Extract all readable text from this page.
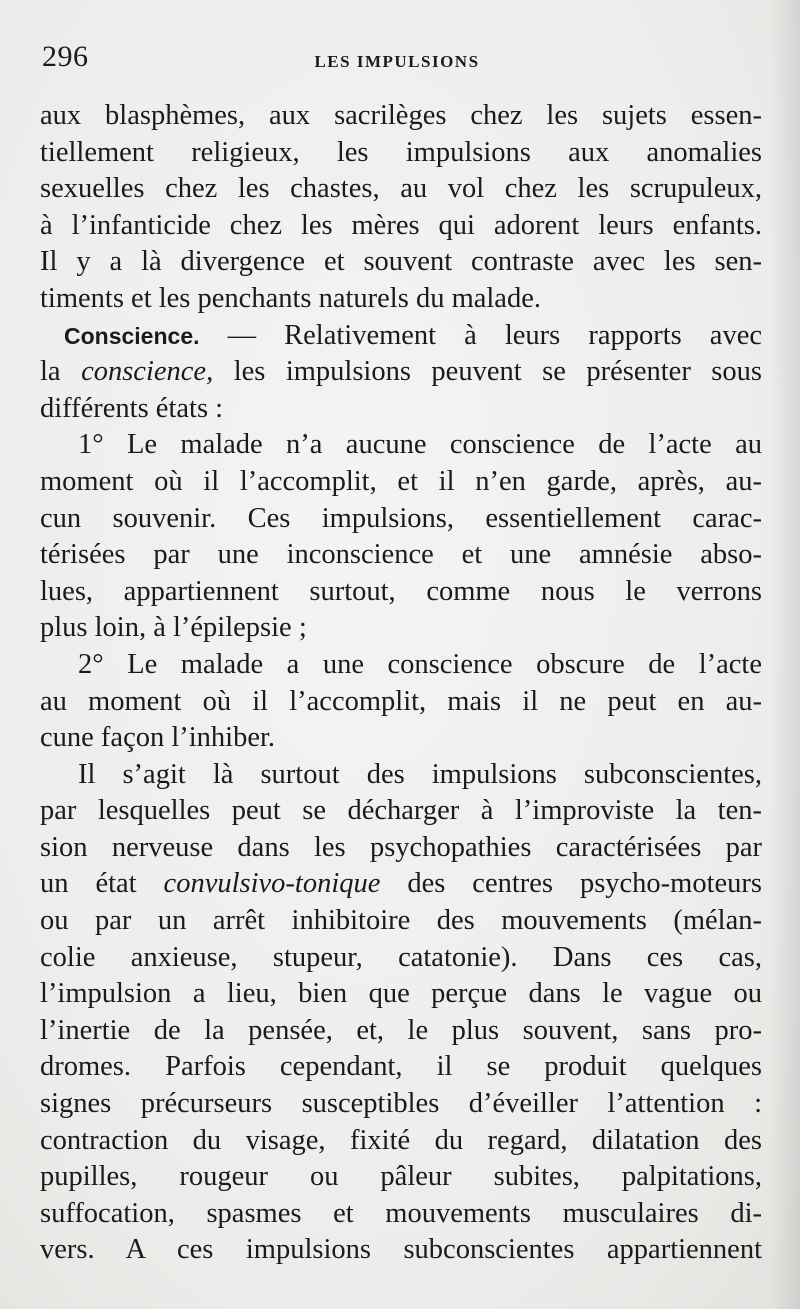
296	LES IMPULSIONS
aux blasphèmes, aux sacrilèges chez les sujets essen-
tiellement religieux, les impulsions aux anomalies
sexuelles chez les chastes, au vol chez les scrupuleux,
à l’infanticide chez les mères qui adorent leurs enfants.
Il y a là divergence et souvent contraste avec les sen-
timents et les penchants naturels du malade.
Conscience. — Relativement à leurs rapports avec
la conscience, les impulsions peuvent se présenter sous
différents états :
1° Le malade n’a aucune conscience de l’acte au
moment où il l’accomplit, et il n’en garde, après, au-
cun souvenir. Ces impulsions, essentiellement carac-
térisées par une inconscience et une amnésie abso-
lues, appartiennent surtout, comme nous le verrons
plus loin, à l’épilepsie ;
2° Le malade a une conscience obscure de l’acte
au moment où il l’accomplit, mais il ne peut en au-
cune façon l’inhiber.
Il s’agit là surtout des impulsions subconscientes,
par lesquelles peut se décharger à l’improviste la ten-
sion nerveuse dans les psychopathies caractérisées par
un état convulsivo-tonique des centres psycho-moteurs
ou par un arrêt inhibitoire des mouvements (mélan-
colie anxieuse, stupeur, catatonie). Dans ces cas,
l’impulsion a lieu, bien que perçue dans le vague ou
l’inertie de la pensée, et, le plus souvent, sans pro-
dromes. Parfois cependant, il se produit quelques
signes précurseurs susceptibles d’éveiller l’attention :
contraction du visage, fixité du regard, dilatation des
pupilles, rougeur ou pâleur subites, palpitations,
suffocation, spasmes et mouvements musculaires di-
vers. A ces impulsions subconscientes appartiennent
